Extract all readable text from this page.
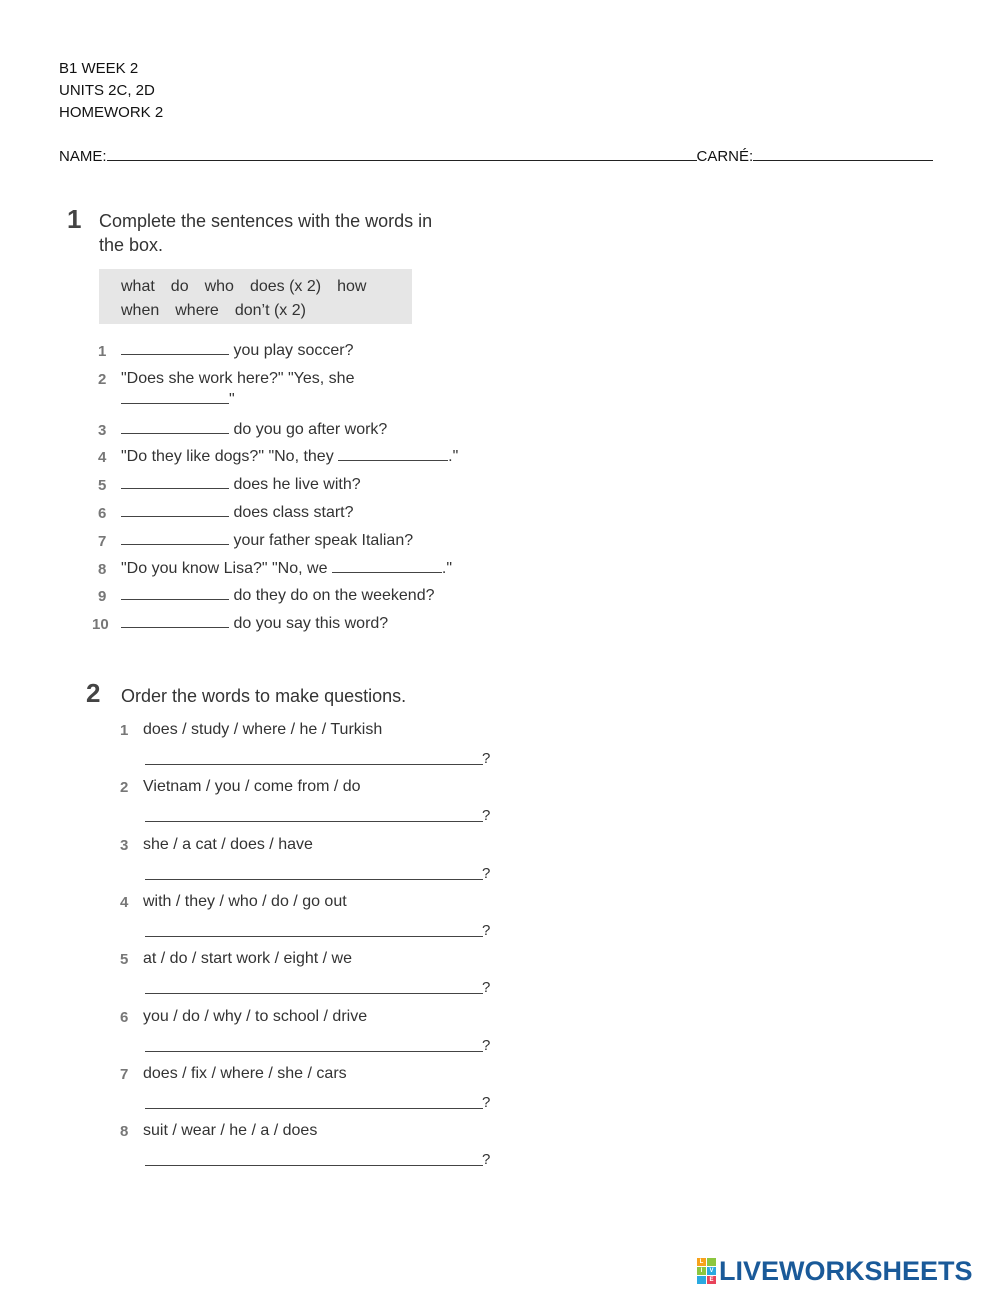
B1 WEEK 2
UNITS 2C, 2D
HOMEWORK 2
NAME:	CARNÉ:
1 Complete the sentences with the words in
the box.
what do who does (x 2) how
when where don’t (x 2)
1	you play soccer?
2 "Does she work here?" "Yes, she
"
3	do you go after work?
4 "Do they like dogs?" "No, they	."
5	does he live with?
6	does class start?
7	your father speak Italian?
8 "Do you know Lisa?" "No, we	."
9	do they do on the weekend?
10	do you say this word?
2 Order the words to make questions.
1 does / study / where / he / Turkish
?
2 Vietnam / you / come from / do
?
3 she / a cat / does / have
?
4 with / they / who / do / go out
?
5 at / do / start work / eight / we
?
6 you / do / why / to school / drive
?
7 does / fix / where / she / cars
?
8 suit / wear / he / a / does
?
L
I	V
E LIVEWORKSHEETS
